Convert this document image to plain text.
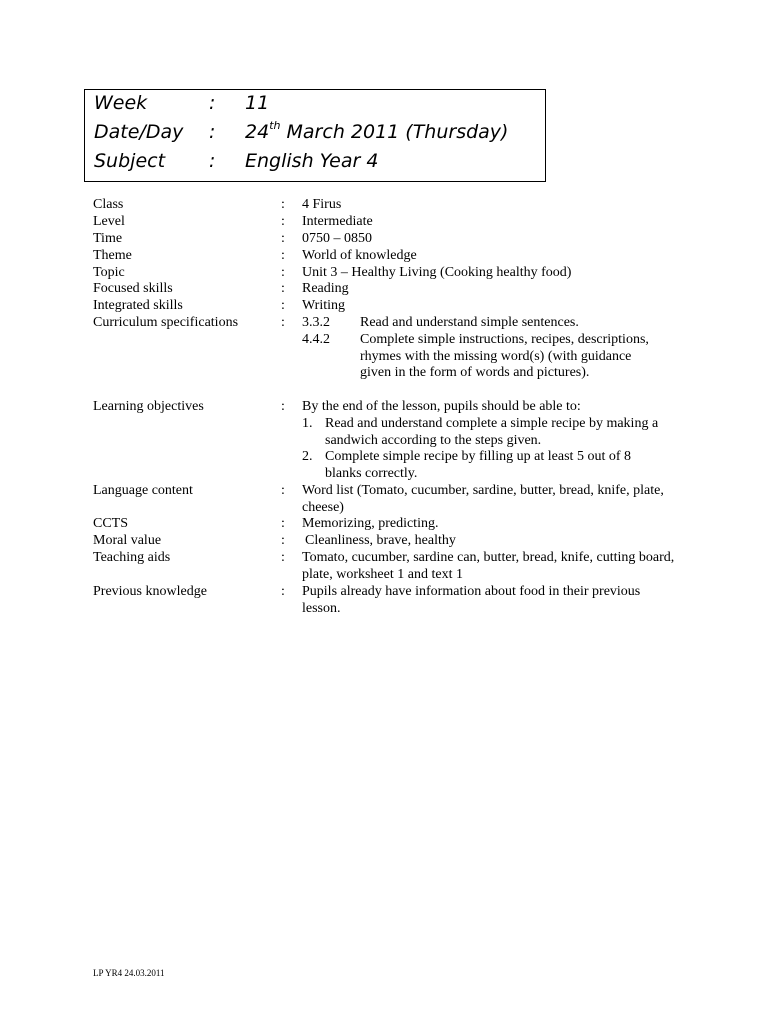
Week	: 11
Date/Day : 24th March 2011 (Thursday)
Subject : English Year 4
Class	: 4 Firus
Level	: Intermediate
Time	: 0750 – 0850
Theme	: World of knowledge
Topic	: Unit 3 – Healthy Living (Cooking healthy food)
Focused skills	: Reading
Integrated skills	: Writing
Curriculum specifications	: 3.3.2 Read and understand simple sentences.
4.4.2 Complete simple instructions, recipes, descriptions, rhymes with the missing word(s) (with guidance given in the form of words and pictures).
Learning objectives	: By the end of the lesson, pupils should be able to:
1. Read and understand complete a simple recipe by making a sandwich according to the steps given.
2. Complete simple recipe by filling up at least 5 out of 8 blanks correctly.
Language content	: Word list (Tomato, cucumber, sardine, butter, bread, knife, plate, cheese)
CCTS	: Memorizing, predicting.
Moral value	: Cleanliness, brave, healthy
Teaching aids	: Tomato, cucumber, sardine can, butter, bread, knife, cutting board, plate, worksheet 1 and text 1
Previous knowledge	: Pupils already have information about food in their previous lesson.
LP YR4 24.03.2011
